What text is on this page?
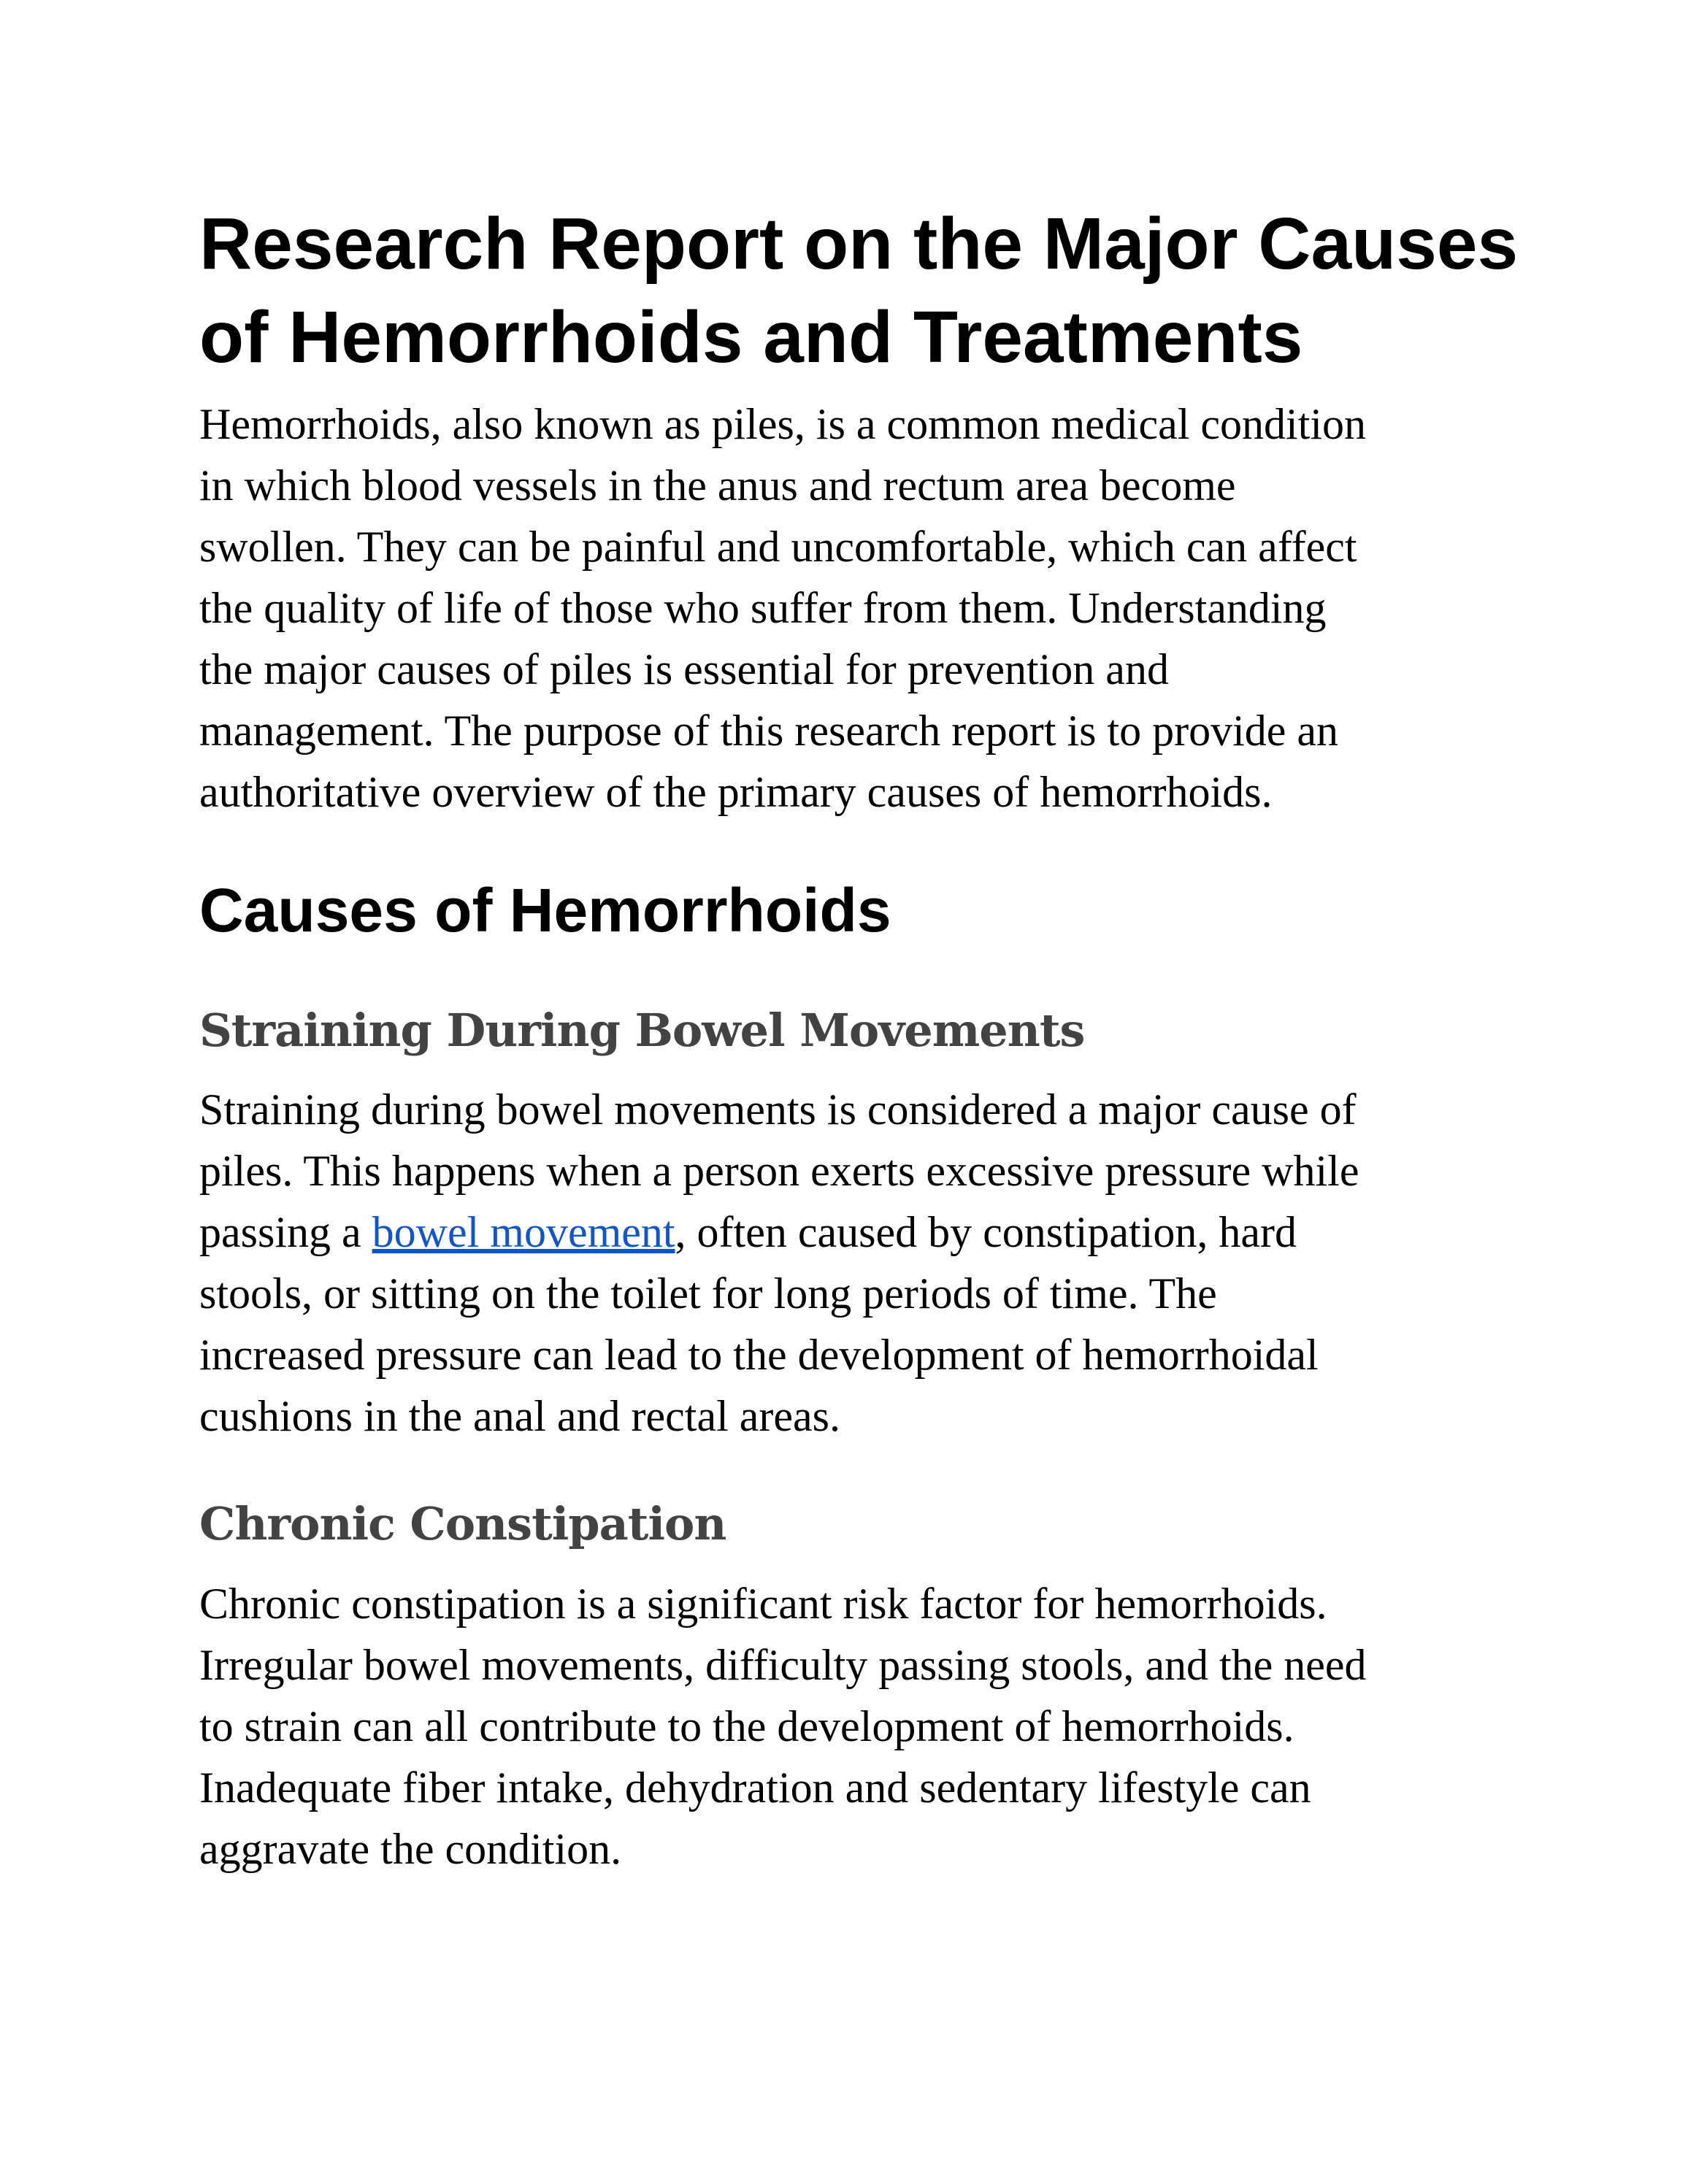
Research Report on the Major Causes
of Hemorrhoids and Treatments
Hemorrhoids, also known as piles, is a common medical condition
in which blood vessels in the anus and rectum area become
swollen. They can be painful and uncomfortable, which can affect
the quality of life of those who suffer from them. Understanding
the major causes of piles is essential for prevention and
management. The purpose of this research report is to provide an
authoritative overview of the primary causes of hemorrhoids.
Causes of Hemorrhoids
Straining During Bowel Movements
Straining during bowel movements is considered a major cause of
piles. This happens when a person exerts excessive pressure while
passing a bowel movement, often caused by constipation, hard
stools, or sitting on the toilet for long periods of time. The
increased pressure can lead to the development of hemorrhoidal
cushions in the anal and rectal areas.
Chronic Constipation
Chronic constipation is a significant risk factor for hemorrhoids.
Irregular bowel movements, difficulty passing stools, and the need
to strain can all contribute to the development of hemorrhoids.
Inadequate fiber intake, dehydration and sedentary lifestyle can
aggravate the condition.
